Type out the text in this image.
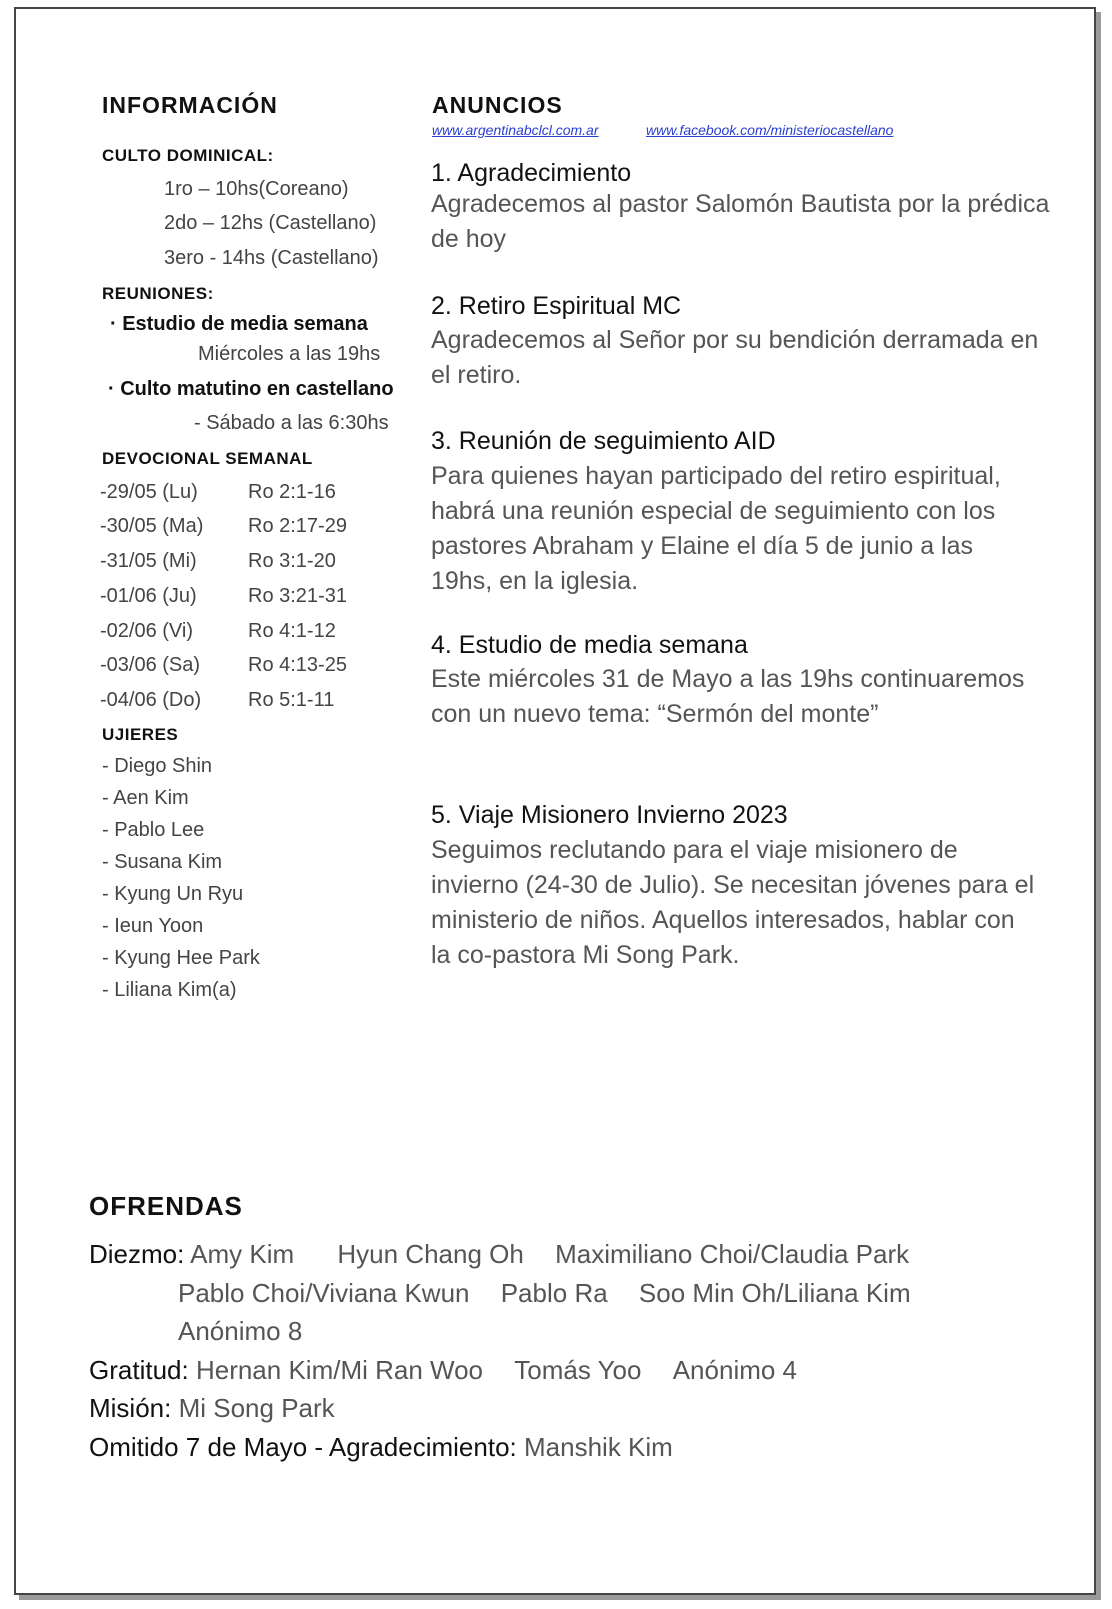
INFORMACIÓN
CULTO DOMINICAL:
1ro – 10hs(Coreano)
2do – 12hs (Castellano)
3ero - 14hs (Castellano)
REUNIONES:
· Estudio de media semana
Miércoles a las 19hs
· Culto matutino en castellano
- Sábado a las 6:30hs
DEVOCIONAL SEMANAL
-29/05 (Lu)	Ro 2:1-16
-30/05 (Ma) Ro 2:17-29
-31/05 (Mi)	Ro 3:1-20
-01/06 (Ju)	Ro 3:21-31
-02/06 (Vi)	Ro 4:1-12
-03/06 (Sa) Ro 4:13-25
-04/06 (Do) Ro 5:1-11
UJIERES
- Diego Shin
- Aen Kim
- Pablo Lee
- Susana Kim
- Kyung Un Ryu
- Ieun Yoon
- Kyung Hee Park
- Liliana Kim(a)
ANUNCIOS
www.argentinabclcl.com.ar	www.facebook.com/ministeriocastellano
1. Agradecimiento
Agradecemos al pastor Salomón Bautista por la prédica de hoy
2. Retiro Espiritual MC
Agradecemos al Señor por su bendición derramada en el retiro.
3. Reunión de seguimiento AID
Para quienes hayan participado del retiro espiritual, habrá una reunión especial de seguimiento con los pastores Abraham y Elaine el día 5 de junio a las 19hs, en la iglesia.
4. Estudio de media semana
Este miércoles 31 de Mayo a las 19hs continuaremos con un nuevo tema: “Sermón del monte”
5. Viaje Misionero Invierno 2023
Seguimos reclutando para el viaje misionero de invierno (24-30 de Julio). Se necesitan jóvenes para el ministerio de niños. Aquellos interesados, hablar con la co-pastora Mi Song Park.
OFRENDAS
Diezmo: Amy Kim Hyun Chang Oh Maximiliano Choi/Claudia Park
Pablo Choi/Viviana Kwun Pablo Ra Soo Min Oh/Liliana Kim
Anónimo 8
Gratitud: Hernan Kim/Mi Ran Woo Tomás Yoo Anónimo 4
Misión: Mi Song Park
Omitido 7 de Mayo - Agradecimiento: Manshik Kim
